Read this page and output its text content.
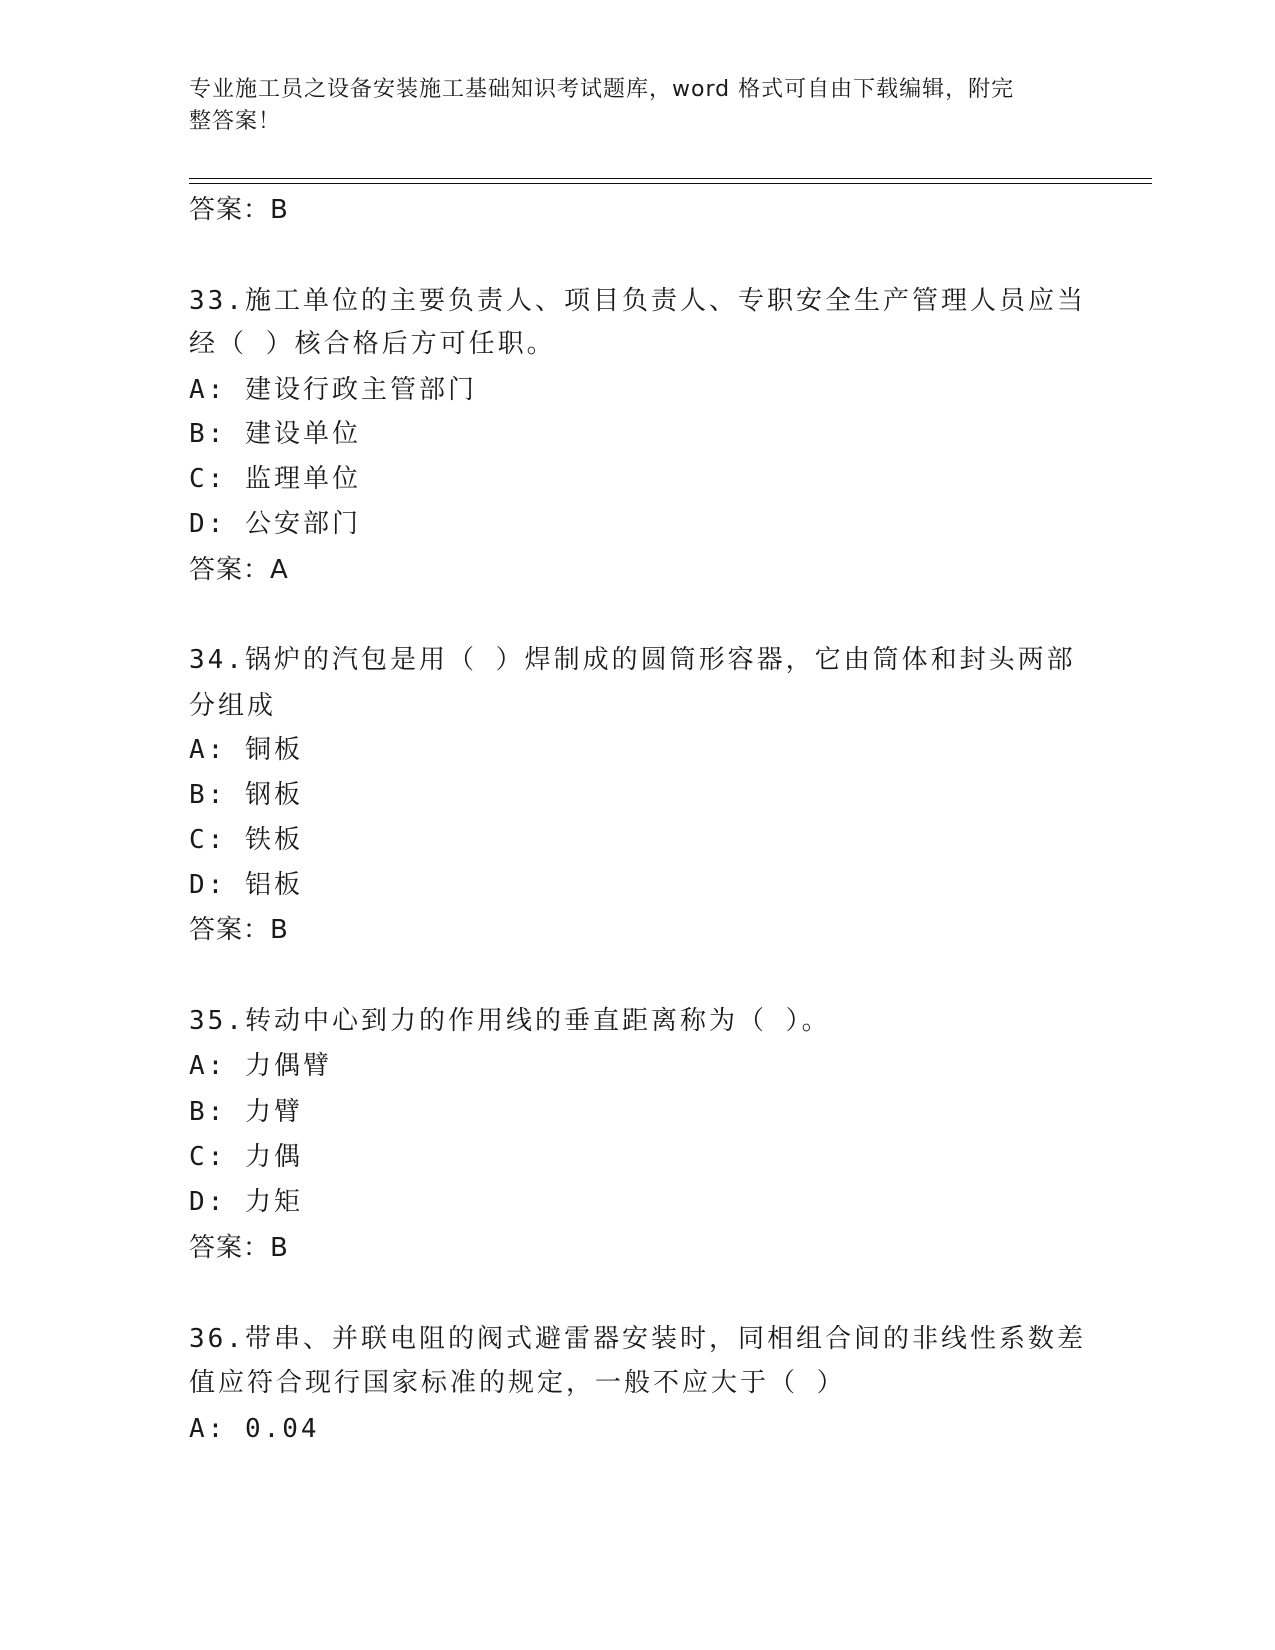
专业施工员之设备安装施工基础知识考试题库，word 格式可自由下载编辑，附完
整答案！
答案：B
33.施工单位的主要负责人、项目负责人、专职安全生产管理人员应当
经（ ）核合格后方可任职。
A: 建设行政主管部门
B: 建设单位
C: 监理单位
D: 公安部门
答案：A
34.锅炉的汽包是用（ ）焊制成的圆筒形容器，它由筒体和封头两部
分组成
A: 铜板
B: 钢板
C: 铁板
D: 铝板
答案：B
35.转动中心到力的作用线的垂直距离称为（ ）。
A: 力偶臂
B: 力臂
C: 力偶
D: 力矩
答案：B
36.带串、并联电阻的阀式避雷器安装时，同相组合间的非线性系数差
值应符合现行国家标准的规定，一般不应大于（ ）
A: 0.04
